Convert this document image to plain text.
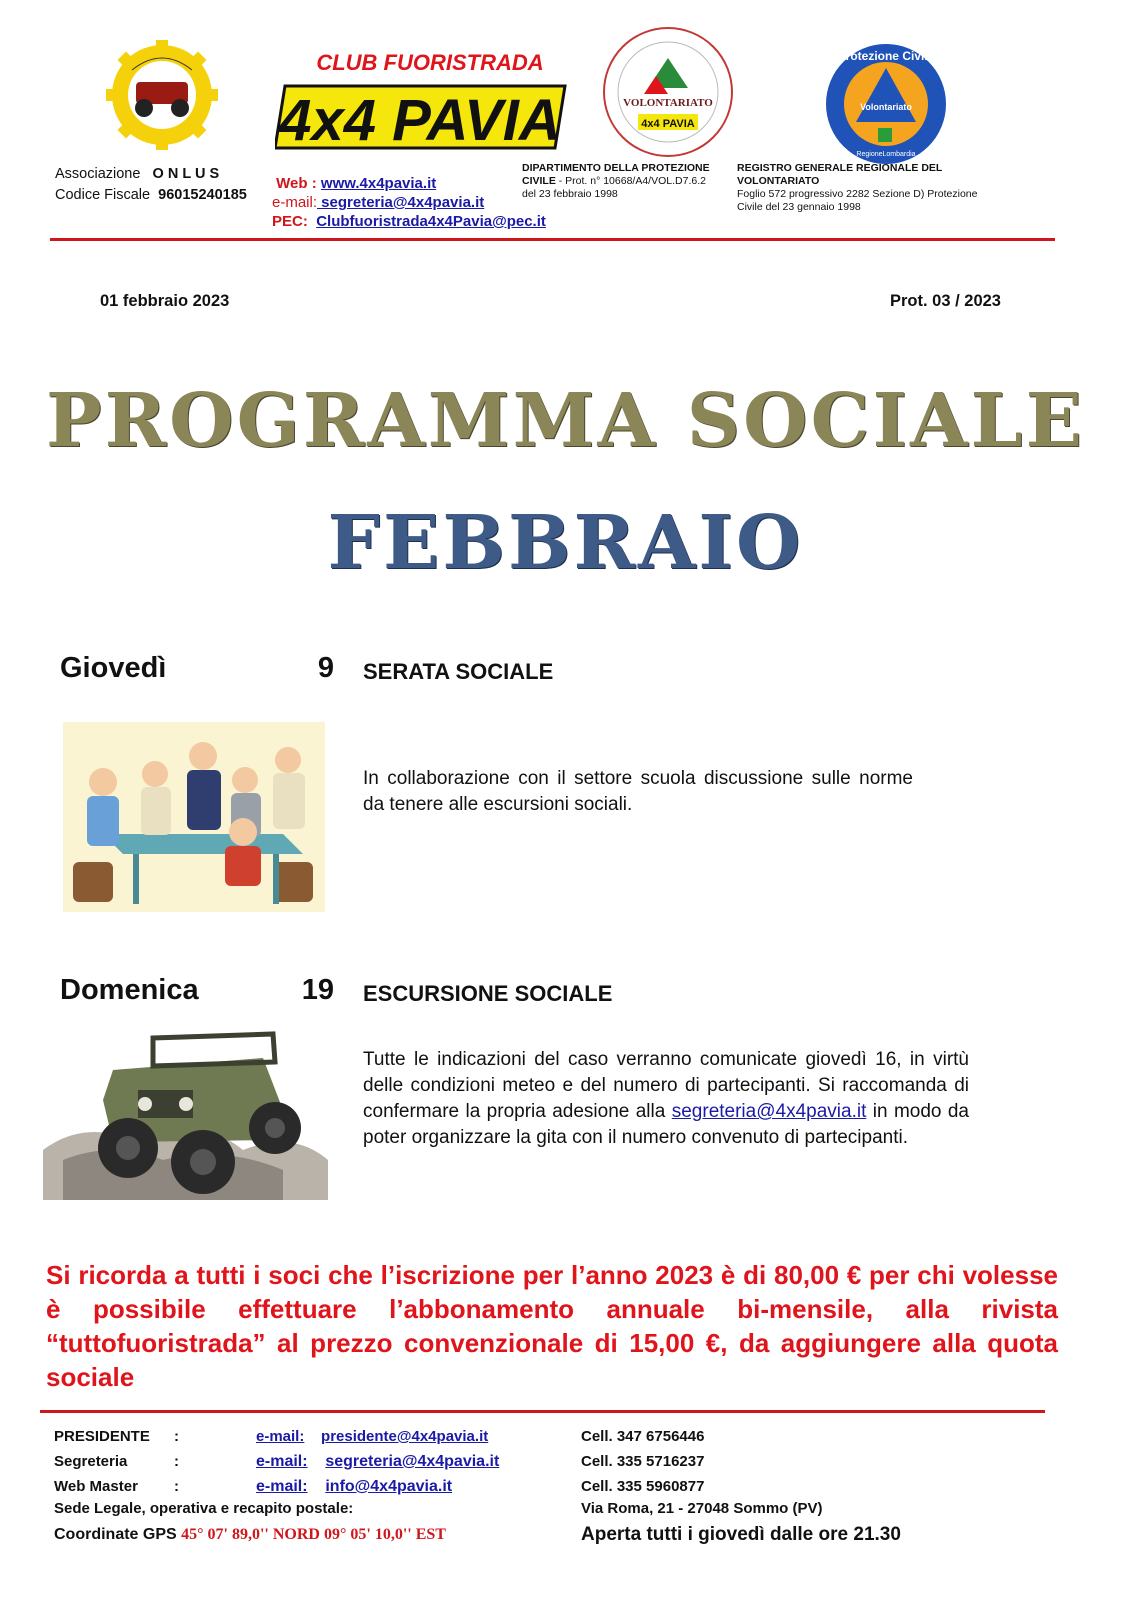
CLUB FUORISTRADA
4x4 PAVIA	VOLONTARIATO
4x4 PAVIA
Volontariato
Protezione Civile
RegioneLombardia
Associazione O N L U S
Codice Fiscale 96015240185
Web : www.4x4pavia.it
e-mail: segreteria@4x4pavia.it
PEC: Clubfuoristrada4x4Pavia@pec.it
DIPARTIMENTO DELLA PROTEZIONE CIVILE - Prot. n° 10668/A4/VOL.D7.6.2 del 23 febbraio 1998
REGISTRO GENERALE REGIONALE DEL VOLONTARIATO
Foglio 572 progressivo 2282 Sezione D) Protezione Civile del 23 gennaio 1998
01 febbraio 2023	Prot. 03 / 2023
PROGRAMMA SOCIALE
FEBBRAIO
Giovedì	9 SERATA SOCIALE
In collaborazione con il settore scuola discussione sulle norme da tenere alle escursioni sociali.
Domenica	19 ESCURSIONE SOCIALE
Tutte le indicazioni del caso verranno comunicate giovedì 16, in virtù delle condizioni meteo e del numero di partecipanti. Si raccomanda di confermare la propria adesione alla segreteria@4x4pavia.it in modo da poter organizzare la gita con il numero convenuto di partecipanti.
Si ricorda a tutti i soci che l’iscrizione per l’anno 2023 è di 80,00 € per chi volesse è possibile effettuare l’abbonamento annuale bi-mensile, alla rivista “tuttofuoristrada” al prezzo convenzionale di 15,00 €, da aggiungere alla quota sociale
PRESIDENTE :	e-mail: presidente@4x4pavia.it	Cell. 347 6756446
Segreteria	:	e-mail: segreteria@4x4pavia.it	Cell. 335 5716237
Web Master :	e-mail: info@4x4pavia.it	Cell. 335 5960877
Sede Legale, operativa e recapito postale:	Via Roma, 21 - 27048 Sommo (PV)
Coordinate GPS 45° 07' 89,0'' NORD 09° 05' 10,0'' EST	Aperta tutti i giovedì dalle ore 21.30
